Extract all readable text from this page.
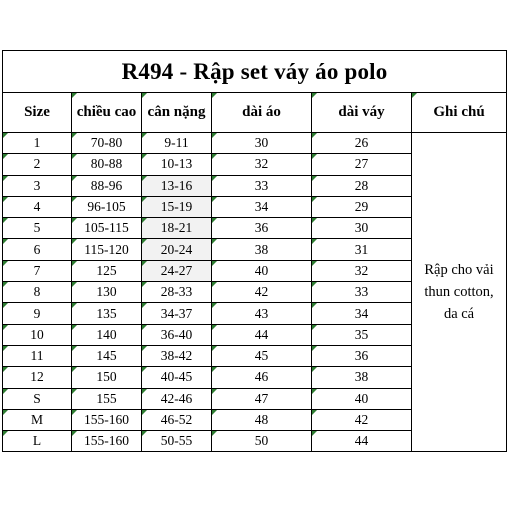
R494 - Rập set váy áo polo					
Size	chiều cao	cân nặng	dài áo	dài váy	Ghi chú

1	70-80	9-11	30	26	Rập cho vải thun cotton, da cá

2	80-88	10-13	32	27	

3	88-96	13-16	33	28	

4	96-105	15-19	34	29	

5	105-115	18-21	36	30	

6	115-120	20-24	38	31	

7	125	24-27	40	32	

8	130	28-33	42	33	

9	135	34-37	43	34	

10	140	36-40	44	35	

11	145	38-42	45	36	

12	150	40-45	46	38	

S	155	42-46	47	40	

M	155-160	46-52	48	42	

L	155-160	50-55	50	44	
